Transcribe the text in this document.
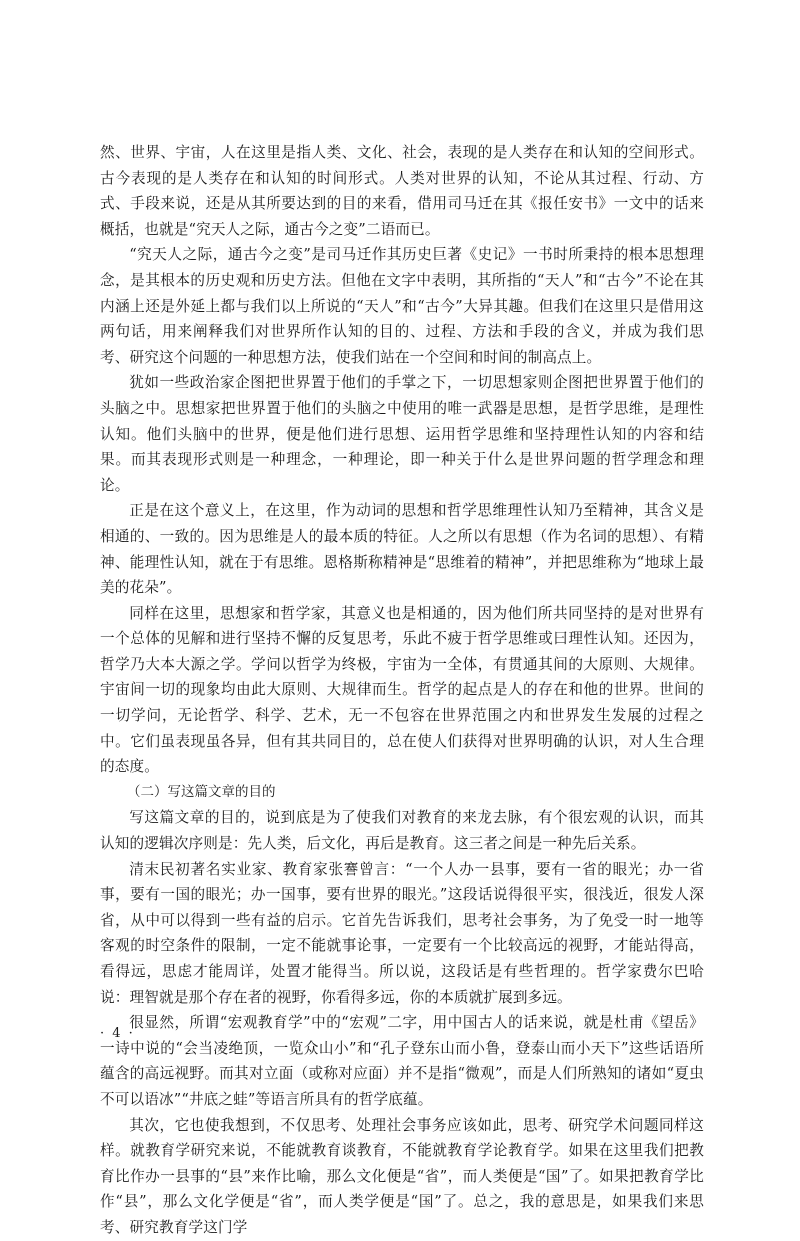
然、世界、宇宙，人在这里是指人类、文化、社会，表现的是人类存在和认知的空间形式。古今表现的是人类存在和认知的时间形式。人类对世界的认知，不论从其过程、行动、方式、手段来说，还是从其所要达到的目的来看，借用司马迁在其《报任安书》一文中的话来概括，也就是“究天人之际，通古今之变”二语而已。

“究天人之际，通古今之变”是司马迁作其历史巨著《史记》一书时所秉持的根本思想理念，是其根本的历史观和历史方法。但他在文字中表明，其所指的“天人”和“古今”不论在其内涵上还是外延上都与我们以上所说的“天人”和“古今”大异其趣。但我们在这里只是借用这两句话，用来阐释我们对世界所作认知的目的、过程、方法和手段的含义，并成为我们思考、研究这个问题的一种思想方法，使我们站在一个空间和时间的制高点上。

犹如一些政治家企图把世界置于他们的手掌之下，一切思想家则企图把世界置于他们的头脑之中。思想家把世界置于他们的头脑之中使用的唯一武器是思想，是哲学思维，是理性认知。他们头脑中的世界，便是他们进行思想、运用哲学思维和坚持理性认知的内容和结果。而其表现形式则是一种理念，一种理论，即一种关于什么是世界问题的哲学理念和理论。

正是在这个意义上，在这里，作为动词的思想和哲学思维理性认知乃至精神，其含义是相通的、一致的。因为思维是人的最本质的特征。人之所以有思想（作为名词的思想）、有精神、能理性认知，就在于有思维。恩格斯称精神是“思维着的精神”，并把思维称为“地球上最美的花朵”。

同样在这里，思想家和哲学家，其意义也是相通的，因为他们所共同坚持的是对世界有一个总体的见解和进行坚持不懈的反复思考，乐此不疲于哲学思维或曰理性认知。还因为，哲学乃大本大源之学。学问以哲学为终极，宇宙为一全体，有贯通其间的大原则、大规律。宇宙间一切的现象均由此大原则、大规律而生。哲学的起点是人的存在和他的世界。世间的一切学问，无论哲学、科学、艺术，无一不包容在世界范围之内和世界发生发展的过程之中。它们虽表现虽各异，但有其共同目的，总在使人们获得对世界明确的认识，对人生合理的态度。

（二）写这篇文章的目的

写这篇文章的目的，说到底是为了使我们对教育的来龙去脉，有个很宏观的认识，而其认知的逻辑次序则是：先人类，后文化，再后是教育。这三者之间是一种先后关系。

清末民初著名实业家、教育家张謇曾言：“一个人办一县事，要有一省的眼光；办一省事，要有一国的眼光；办一国事，要有世界的眼光。”这段话说得很平实，很浅近，很发人深省，从中可以得到一些有益的启示。它首先告诉我们，思考社会事务，为了免受一时一地等客观的时空条件的限制，一定不能就事论事，一定要有一个比较高远的视野，才能站得高，看得远，思虑才能周详，处置才能得当。所以说，这段话是有些哲理的。哲学家费尔巴哈说：理智就是那个存在者的视野，你看得多远，你的本质就扩展到多远。

很显然，所谓“宏观教育学”中的“宏观”二字，用中国古人的话来说，就是杜甫《望岳》一诗中说的“会当凌绝顶，一览众山小”和“孔子登东山而小鲁，登泰山而小天下”这些话语所蕴含的高远视野。而其对立面（或称对应面）并不是指“微观”，而是人们所熟知的诸如“夏虫不可以语冰”“井底之蛙”等语言所具有的哲学底蕴。

其次，它也使我想到，不仅思考、处理社会事务应该如此，思考、研究学术问题同样这样。就教育学研究来说，不能就教育谈教育，不能就教育学论教育学。如果在这里我们把教育比作办一县事的“县”来作比喻，那么文化便是“省”，而人类便是“国”了。如果把教育学比作“县”，那么文化学便是“省”，而人类学便是“国”了。总之，我的意思是，如果我们来思考、研究教育学这门学

· 4 ·
